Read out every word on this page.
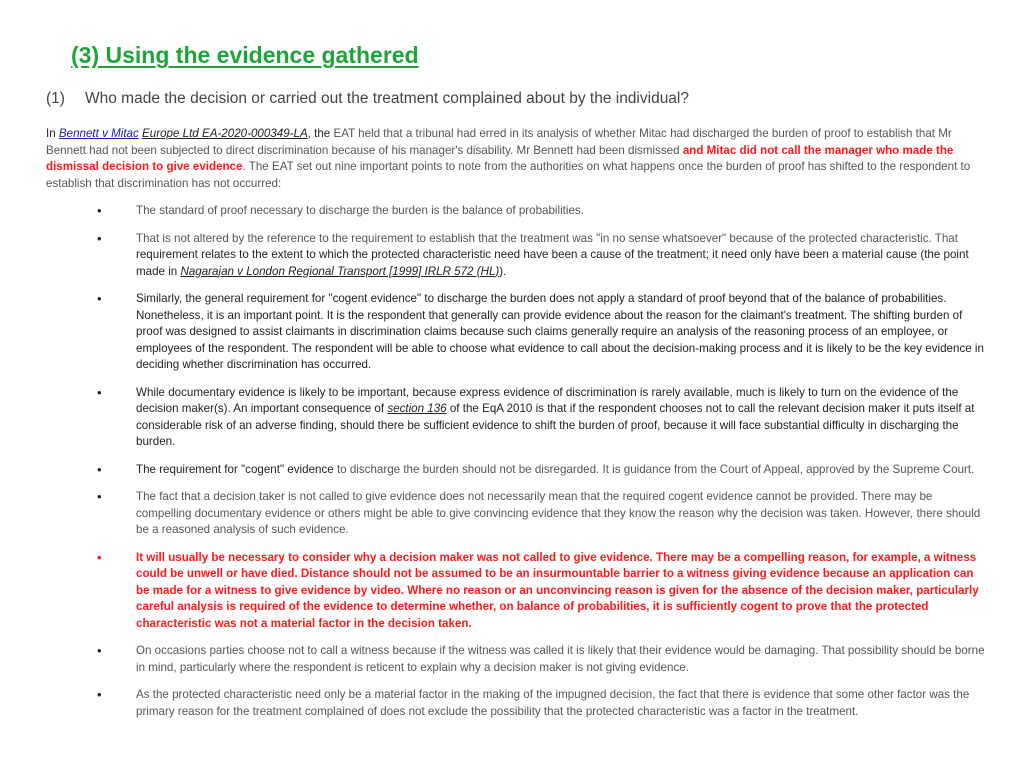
(3) Using the evidence gathered
(1) Who made the decision or carried out the treatment complained about by the individual?
In Bennett v Mitac Europe Ltd EA-2020-000349-LA, the EAT held that a tribunal had erred in its analysis of whether Mitac had discharged the burden of proof to establish that Mr Bennett had not been subjected to direct discrimination because of his manager's disability. Mr Bennett had been dismissed and Mitac did not call the manager who made the dismissal decision to give evidence. The EAT set out nine important points to note from the authorities on what happens once the burden of proof has shifted to the respondent to establish that discrimination has not occurred:
•	The standard of proof necessary to discharge the burden is the balance of probabilities.
•	That is not altered by the reference to the requirement to establish that the treatment was "in no sense whatsoever" because of the protected characteristic. That requirement relates to the extent to which the protected characteristic need have been a cause of the treatment; it need only have been a material cause (the point made in Nagarajan v London Regional Transport [1999] IRLR 572 (HL)).
•	Similarly, the general requirement for "cogent evidence" to discharge the burden does not apply a standard of proof beyond that of the balance of probabilities. Nonetheless, it is an important point. It is the respondent that generally can provide evidence about the reason for the claimant's treatment. The shifting burden of proof was designed to assist claimants in discrimination claims because such claims generally require an analysis of the reasoning process of an employee, or employees of the respondent. The respondent will be able to choose what evidence to call about the decision-making process and it is likely to be the key evidence in deciding whether discrimination has occurred.
•	While documentary evidence is likely to be important, because express evidence of discrimination is rarely available, much is likely to turn on the evidence of the decision maker(s). An important consequence of section 136 of the EqA 2010 is that if the respondent chooses not to call the relevant decision maker it puts itself at considerable risk of an adverse finding, should there be sufficient evidence to shift the burden of proof, because it will face substantial difficulty in discharging the burden.
•	The requirement for "cogent" evidence to discharge the burden should not be disregarded. It is guidance from the Court of Appeal, approved by the Supreme Court.
•	The fact that a decision taker is not called to give evidence does not necessarily mean that the required cogent evidence cannot be provided. There may be compelling documentary evidence or others might be able to give convincing evidence that they know the reason why the decision was taken. However, there should be a reasoned analysis of such evidence.
•	It will usually be necessary to consider why a decision maker was not called to give evidence. There may be a compelling reason, for example, a witness could be unwell or have died. Distance should not be assumed to be an insurmountable barrier to a witness giving evidence because an application can be made for a witness to give evidence by video. Where no reason or an unconvincing reason is given for the absence of the decision maker, particularly careful analysis is required of the evidence to determine whether, on balance of probabilities, it is sufficiently cogent to prove that the protected characteristic was not a material factor in the decision taken.
•	On occasions parties choose not to call a witness because if the witness was called it is likely that their evidence would be damaging. That possibility should be borne in mind, particularly where the respondent is reticent to explain why a decision maker is not giving evidence.
•	As the protected characteristic need only be a material factor in the making of the impugned decision, the fact that there is evidence that some other factor was the primary reason for the treatment complained of does not exclude the possibility that the protected characteristic was a factor in the treatment.
